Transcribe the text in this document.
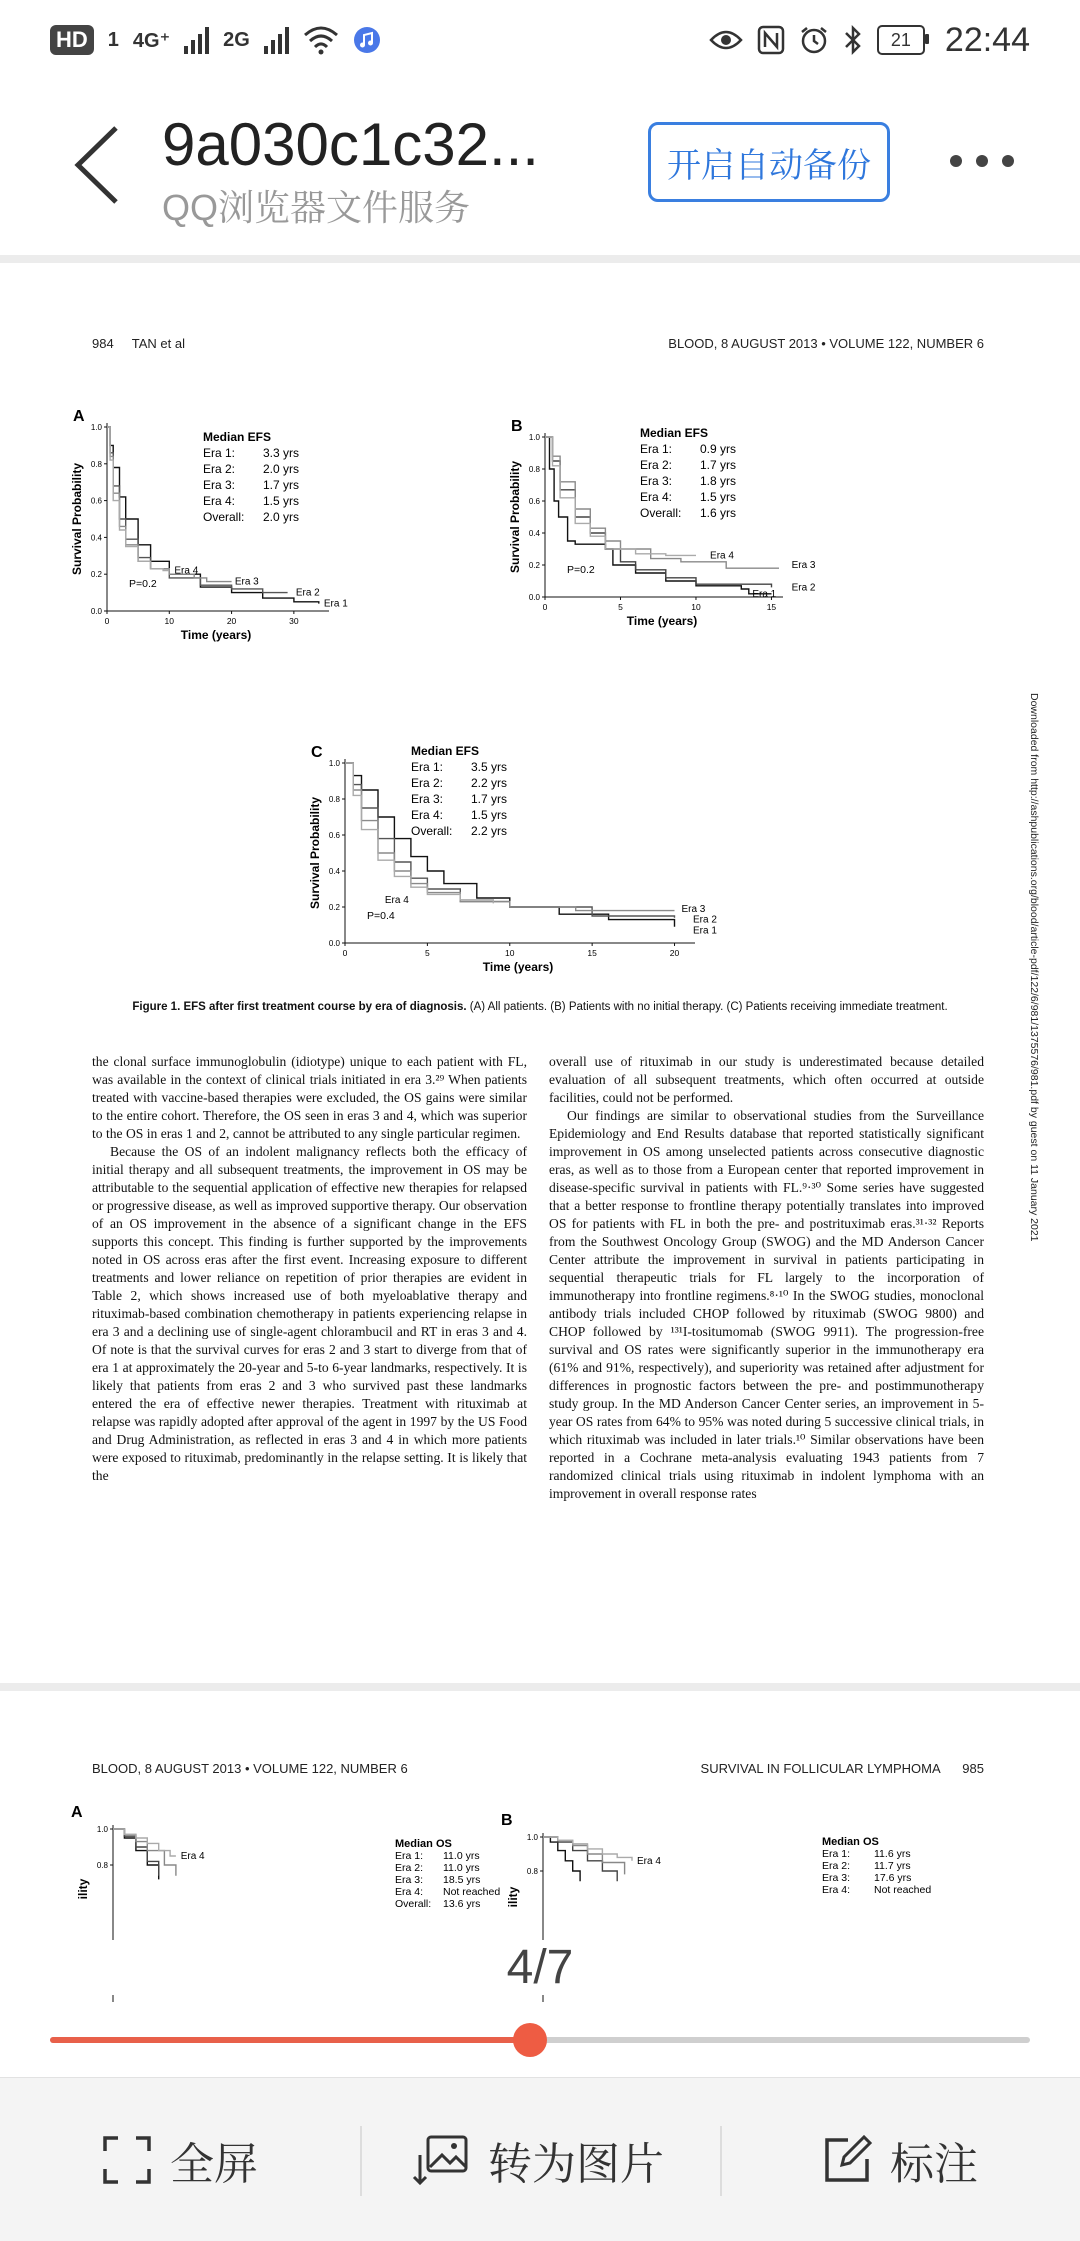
HD	1 4G⁺	2G	21 22:44
9a030c1c32...
QQ浏览器文件服务
开启自动备份
984 TAN et al	BLOOD, 8 AUGUST 2013 • VOLUME 122, NUMBER 6
A
0.0
0.2
0.4
0.6
0.8
1.0
0	10	20	30
Time (years)
Survival Probability	Era 4
Era 3
Era 2
Era 1
P=0.2
Median EFS
Era 1: 3.3 yrs
Era 2: 2.0 yrs
Era 3: 1.7 yrs
Era 4: 1.5 yrs
Overall: 2.0 yrs
B
0.0
0.2
0.4
0.6
0.8
1.0
0	5	10	15
Time (years)
Survival Probability	Era 4
Era 3
Era 2
Era 1
P=0.2
Median EFS
Era 1: 0.9 yrs
Era 2: 1.7 yrs
Era 3: 1.8 yrs
Era 4: 1.5 yrs
Overall: 1.6 yrs
C
0.0
0.2
0.4
0.6
0.8
1.0
0	5	10	15	20
Time (years)
Survival Probability	Era 4
Era 3
Era 2
Era 1
P=0.4
Median EFS
Era 1: 3.5 yrs
Era 2: 2.2 yrs
Era 3: 1.7 yrs
Era 4: 1.5 yrs
Overall: 2.2 yrs
Figure 1. EFS after first treatment course by era of diagnosis. (A) All patients. (B) Patients with no initial therapy. (C) Patients receiving immediate treatment.

the clonal surface immunoglobulin (idiotype) unique to each patient with FL, was available in the context of clinical trials initiated in era 3.²⁹ When patients treated with vaccine-based therapies were excluded, the OS gains were similar to the entire cohort. Therefore, the OS seen in eras 3 and 4, which was superior to the OS in eras 1 and 2, cannot be attributed to any single particular regimen.

Because the OS of an indolent malignancy reflects both the efficacy of initial therapy and all subsequent treatments, the improvement in OS may be attributable to the sequential application of effective new therapies for relapsed or progressive disease, as well as improved supportive therapy. Our observation of an OS improvement in the absence of a significant change in the EFS supports this concept. This finding is further supported by the improvements noted in OS across eras after the first event. Increasing exposure to different treatments and lower reliance on repetition of prior therapies are evident in Table 2, which shows increased use of both myeloablative therapy and rituximab-based combination chemotherapy in patients experiencing relapse in era 3 and a declining use of single-agent chlorambucil and RT in eras 3 and 4. Of note is that the survival curves for eras 2 and 3 start to diverge from that of era 1 at approximately the 20-year and 5-to 6-year landmarks, respectively. It is likely that patients from eras 2 and 3 who survived past these landmarks entered the era of effective newer therapies. Treatment with rituximab at relapse was rapidly adopted after approval of the agent in 1997 by the US Food and Drug Administration, as reflected in eras 3 and 4 in which more patients were exposed to rituximab, predominantly in the relapse setting. It is likely that the

overall use of rituximab in our study is underestimated because detailed evaluation of all subsequent treatments, which often occurred at outside facilities, could not be performed.

Our findings are similar to observational studies from the Surveillance Epidemiology and End Results database that reported statistically significant improvement in OS among unselected patients across consecutive diagnostic eras, as well as to those from a European center that reported improvement in disease-specific survival in patients with FL.⁹·³⁰ Some series have suggested that a better response to frontline therapy potentially translates into improved OS for patients with FL in both the pre- and postrituximab eras.³¹·³² Reports from the Southwest Oncology Group (SWOG) and the MD Anderson Cancer Center attribute the improvement in survival in patients participating in sequential therapeutic trials for FL largely to the incorporation of immunotherapy into frontline regimens.⁸·¹⁰ In the SWOG studies, monoclonal antibody trials included CHOP followed by rituximab (SWOG 9800) and CHOP followed by ¹³¹I-tositumomab (SWOG 9911). The progression-free survival and OS rates were significantly superior in the immunotherapy era (61% and 91%, respectively), and superiority was retained after adjustment for differences in prognostic factors between the pre- and postimmunotherapy study group. In the MD Anderson Cancer Center series, an improvement in 5-year OS rates from 64% to 95% was noted during 5 successive clinical trials, in which rituximab was included in later trials.¹⁰ Similar observations have been reported in a Cochrane meta-analysis evaluating 1943 patients from 7 randomized clinical trials using rituximab in indolent lymphoma with an improvement in overall response rates

Downloaded from http://ashpublications.org/blood/article-pdf/122/6/981/1375576/981.pdf by guest on 11 January 2021
BLOOD, 8 AUGUST 2013 • VOLUME 122, NUMBER 6	SURVIVAL IN FOLLICULAR LYMPHOMA 985
A
0.8
1.0
ility
Era 4
Median OS
Era 1: 11.0 yrs
Era 2: 11.0 yrs
Era 3: 18.5 yrs
Era 4: Not reached
Overall: 13.6 yrs
B
0.8
1.0
ility
Era 4
Median OS
Era 1: 11.6 yrs
Era 2: 11.7 yrs
Era 3: 17.6 yrs
Era 4: Not reached
4/7
全屏	转为图片	标注
